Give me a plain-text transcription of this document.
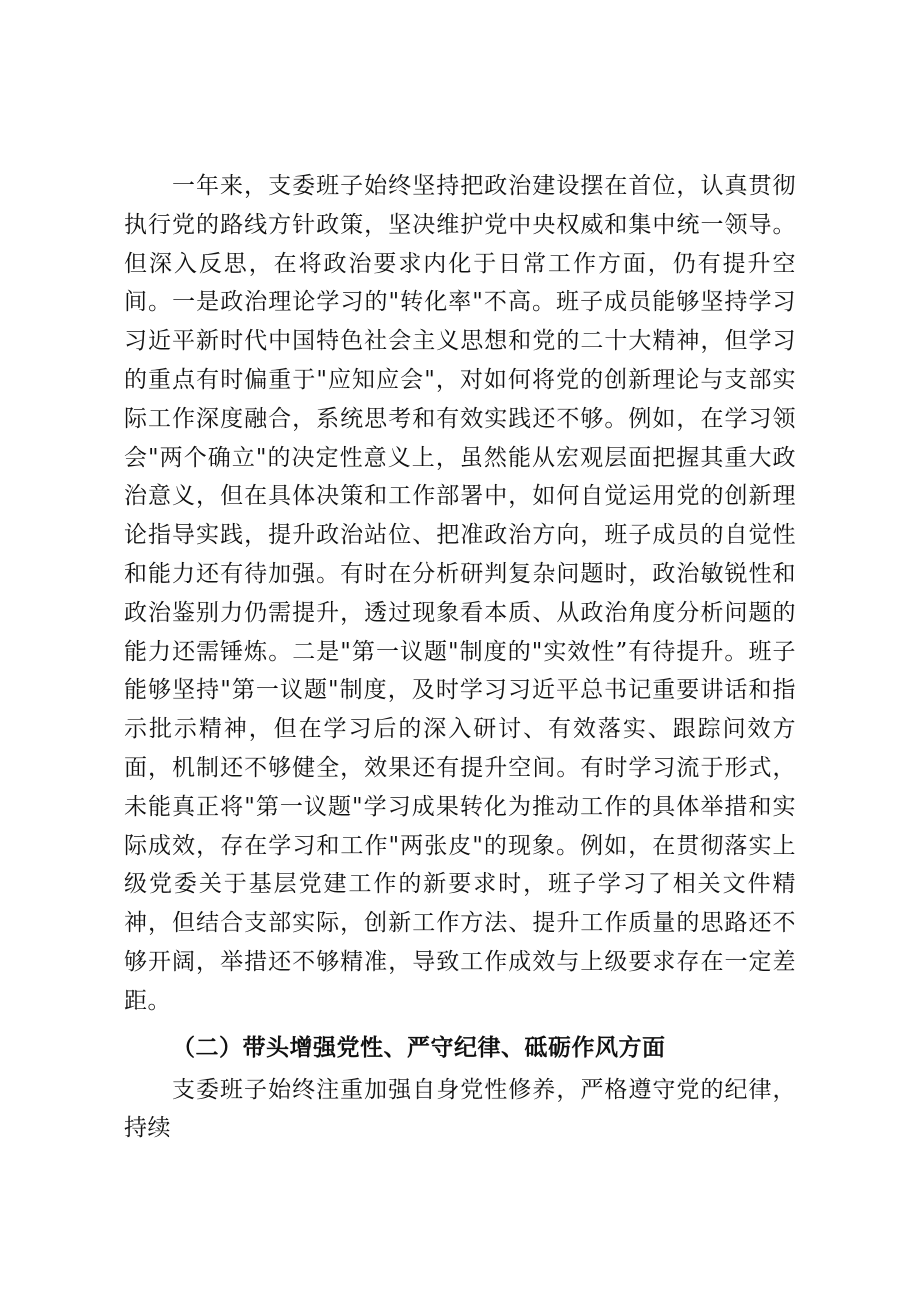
一年来，支委班子始终坚持把政治建设摆在首位，认真贯彻执行党的路线方针政策，坚决维护党中央权威和集中统一领导。但深入反思，在将政治要求内化于日常工作方面，仍有提升空间。一是政治理论学习的"转化率"不高。班子成员能够坚持学习习近平新时代中国特色社会主义思想和党的二十大精神，但学习的重点有时偏重于"应知应会"，对如何将党的创新理论与支部实际工作深度融合，系统思考和有效实践还不够。例如，在学习领会"两个确立"的决定性意义上，虽然能从宏观层面把握其重大政治意义，但在具体决策和工作部署中，如何自觉运用党的创新理论指导实践，提升政治站位、把准政治方向，班子成员的自觉性和能力还有待加强。有时在分析研判复杂问题时，政治敏锐性和政治鉴别力仍需提升，透过现象看本质、从政治角度分析问题的能力还需锤炼。二是"第一议题"制度的"实效性”有待提升。班子能够坚持"第一议题"制度，及时学习习近平总书记重要讲话和指示批示精神，但在学习后的深入研讨、有效落实、跟踪问效方面，机制还不够健全，效果还有提升空间。有时学习流于形式，未能真正将"第一议题"学习成果转化为推动工作的具体举措和实际成效，存在学习和工作"两张皮"的现象。例如，在贯彻落实上级党委关于基层党建工作的新要求时，班子学习了相关文件精神，但结合支部实际，创新工作方法、提升工作质量的思路还不够开阔，举措还不够精准，导致工作成效与上级要求存在一定差距。

（二）带头增强党性、严守纪律、砥砺作风方面

支委班子始终注重加强自身党性修养，严格遵守党的纪律，持续
